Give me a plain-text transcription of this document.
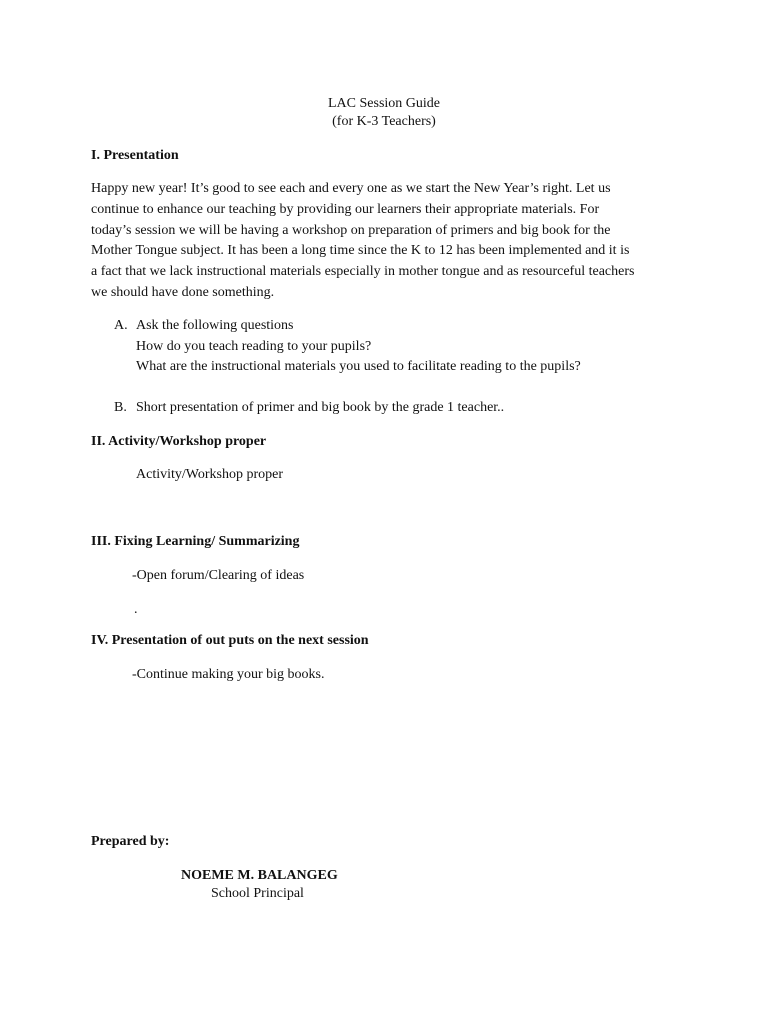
LAC Session Guide
(for K-3 Teachers)
I. Presentation
Happy new year! It’s good to see each and every one as we start the New Year’s right. Let us
continue to enhance our teaching by providing our learners their appropriate materials. For
today’s session we will be having a workshop on preparation of primers and big book for the
Mother Tongue subject. It has been a long time since the K to 12 has been implemented and it is
a fact that we lack instructional materials especially in mother tongue and as resourceful teachers
we should have done something.
A. Ask the following questions
How do you teach reading to your pupils?
What are the instructional materials you used to facilitate reading to the pupils?
B. Short presentation of primer and big book by the grade 1 teacher..
II. Activity/Workshop proper
Activity/Workshop proper
III. Fixing Learning/ Summarizing
-Open forum/Clearing of ideas
.
IV. Presentation of out puts on the next session
-Continue making your big books.
Prepared by:
NOEME M. BALANGEG
School Principal
